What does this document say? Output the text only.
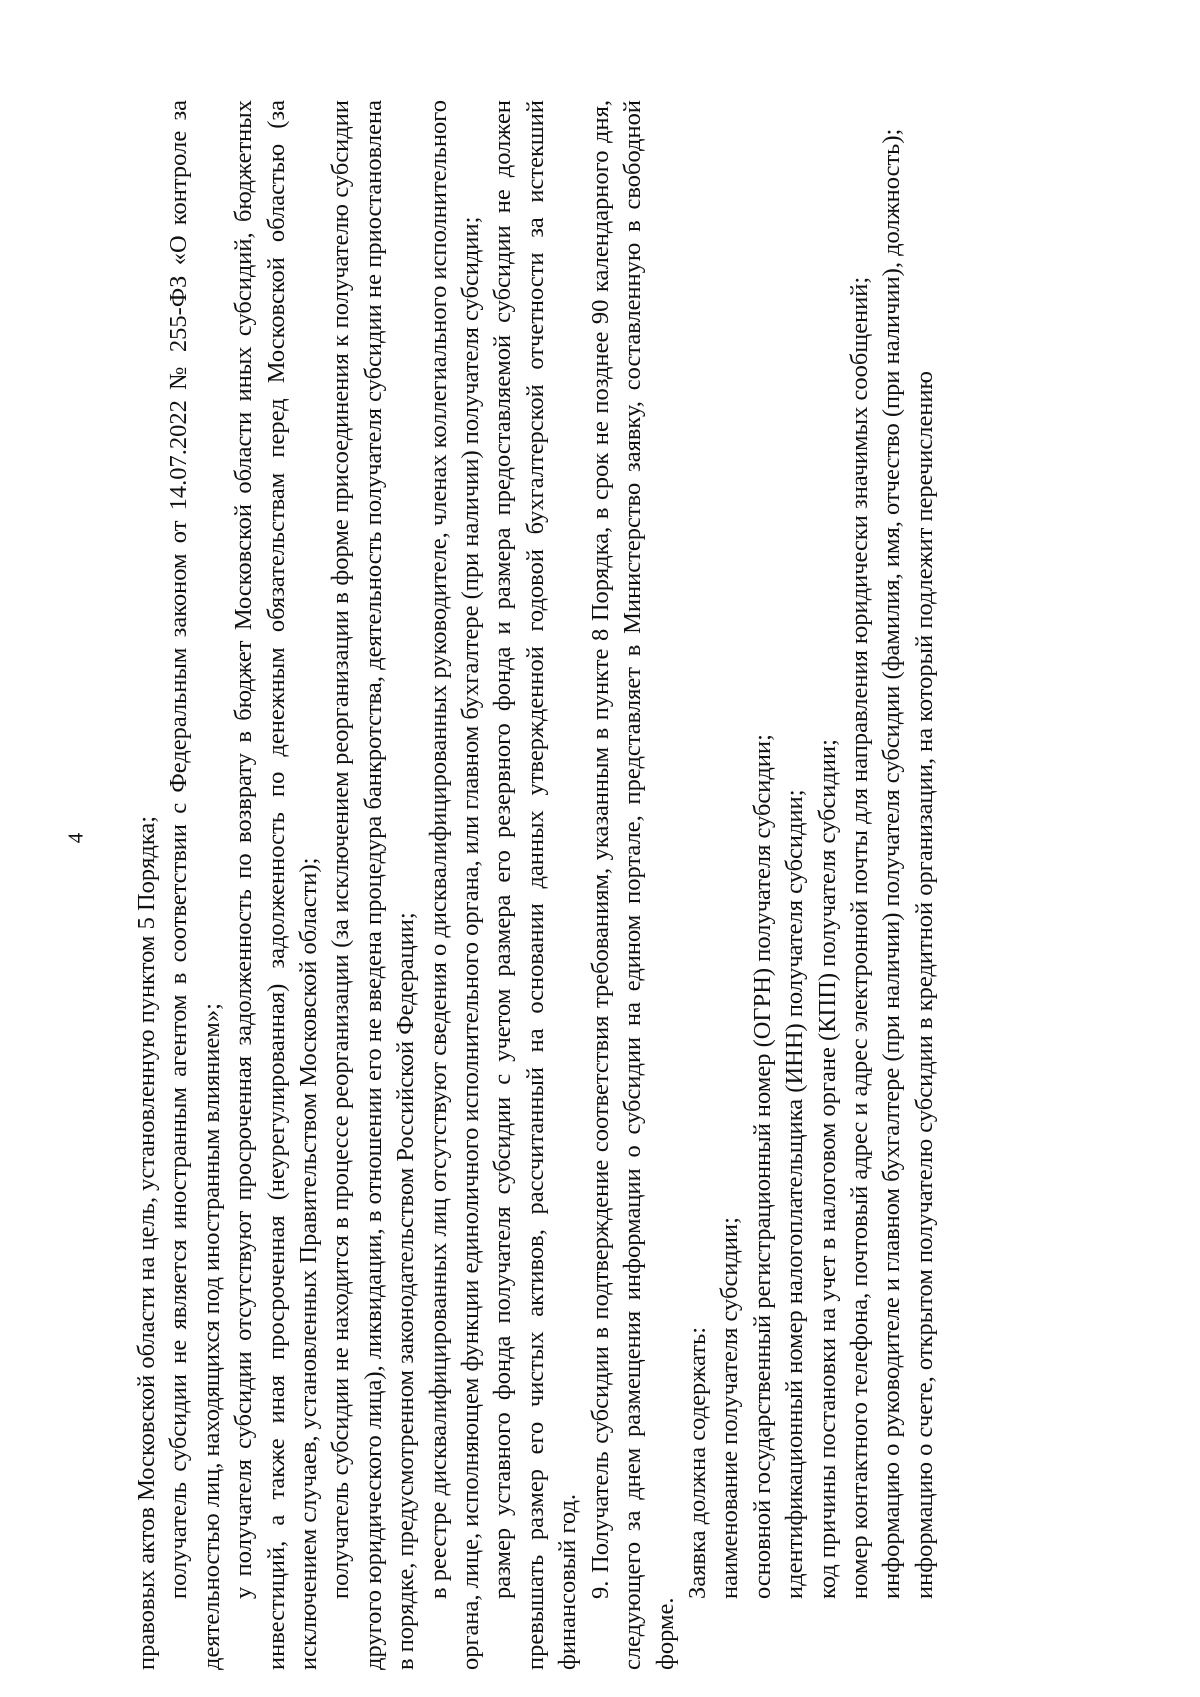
4 правовых актов Московской области на цель, установленную пунктом 5 Порядка; получатель субсидии не является иностранным агентом в соответствии с Федеральным законом от 14.07.2022 № 255-ФЗ «О контроле за деятельностью лиц, находящихся под иностранным влиянием»; у получателя субсидии отсутствуют просроченная задолженность по возврату в бюджет Московской области иных субсидий, бюджетных инвестиций, а также иная просроченная (неурегулированная) задолженность по денежным обязательствам перед Московской областью (за исключением случаев, установленных Правительством Московской области); получатель субсидии не находится в процессе реорганизации (за исключением реорганизации в форме присоединения к получателю субсидии другого юридического лица), ликвидации, в отношении его не введена процедура банкротства, деятельность получателя субсидии не приостановлена в порядке, предусмотренном законодательством Российской Федерации; в реестре дисквалифицированных лиц отсутствуют сведения о дисквалифицированных руководителе, членах коллегиального исполнительного органа, лице, исполняющем функции единоличного исполнительного органа, или главном бухгалтере (при наличии) получателя субсидии; размер уставного фонда получателя субсидии с учетом размера его резервного фонда и размера предоставляемой субсидии не должен превышать размер его чистых активов, рассчитанный на основании данных утвержденной годовой бухгалтерской отчетности за истекший финансовый год. 9. Получатель субсидии в подтверждение соответствия требованиям, указанным в пункте 8 Порядка, в срок не позднее 90 календарного дня, следующего за днем размещения информации о субсидии на едином портале, представляет в Министерство заявку, составленную в свободной форме.

Заявка должна содержать: наименование получателя субсидии; основной государственный регистрационный номер (ОГРН) получателя субсидии; идентификационный номер налогоплательщика (ИНН) получателя субсидии; код причины постановки на учет в налоговом органе (КПП) получателя субсидии; номер контактного телефона, почтовый адрес и адрес электронной почты для направления юридически значимых сообщений; информацию о руководителе и главном бухгалтере (при наличии) получателя субсидии (фамилия, имя, отчество (при наличии), должность); информацию о счете, открытом получателю субсидии в кредитной организации, на который подлежит перечислению
